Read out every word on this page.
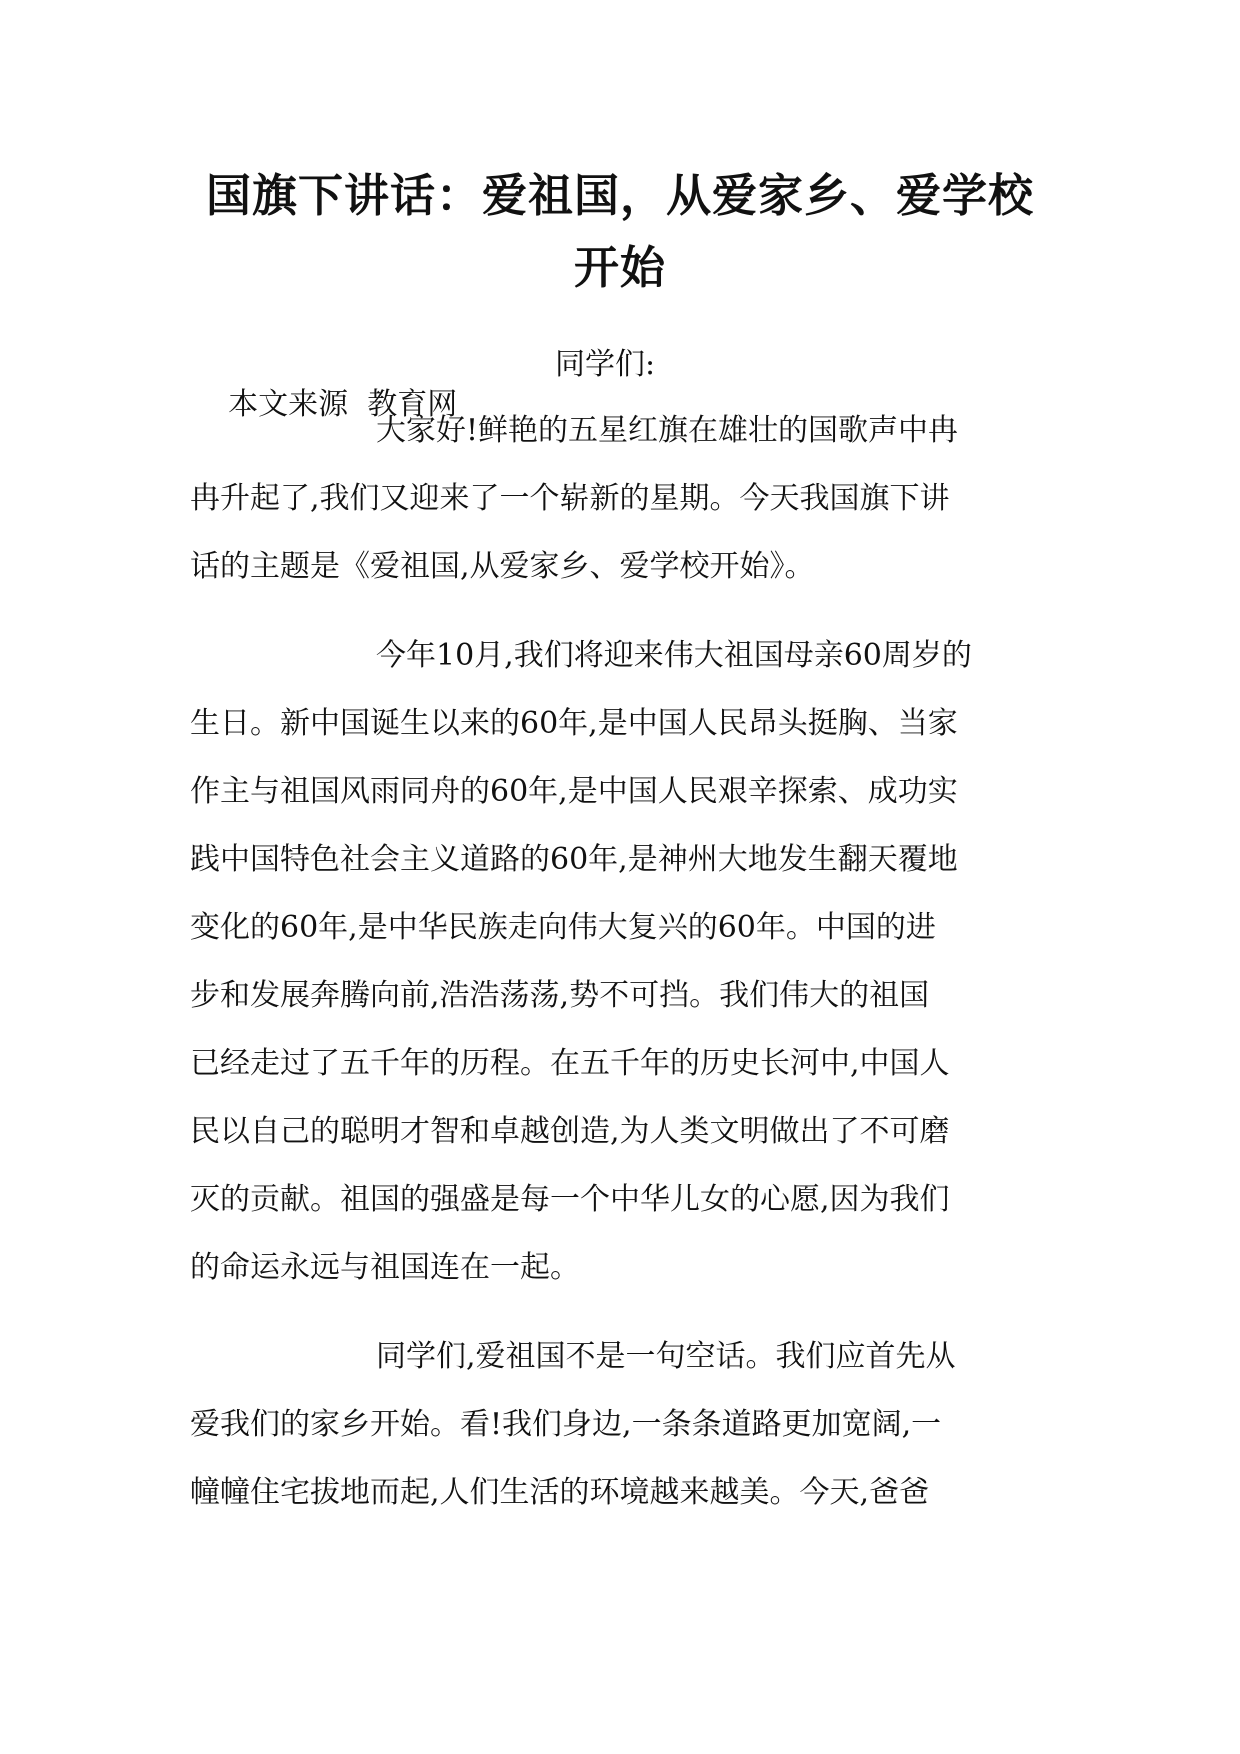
国旗下讲话：爱祖国，从爱家乡、爱学校
开始

本文来源  教育网

同学们:

大家好!鲜艳的五星红旗在雄壮的国歌声中冉
冉升起了,我们又迎来了一个崭新的星期。今天我国旗下讲
话的主题是《爱祖国,从爱家乡、爱学校开始》。
今年10月,我们将迎来伟大祖国母亲60周岁的
生日。新中国诞生以来的60年,是中国人民昂头挺胸、当家
作主与祖国风雨同舟的60年,是中国人民艰辛探索、成功实
践中国特色社会主义道路的60年,是神州大地发生翻天覆地
变化的60年,是中华民族走向伟大复兴的60年。中国的进
步和发展奔腾向前,浩浩荡荡,势不可挡。我们伟大的祖国
已经走过了五千年的历程。在五千年的历史长河中,中国人
民以自己的聪明才智和卓越创造,为人类文明做出了不可磨
灭的贡献。祖国的强盛是每一个中华儿女的心愿,因为我们
的命运永远与祖国连在一起。
同学们,爱祖国不是一句空话。我们应首先从
爱我们的家乡开始。看!我们身边,一条条道路更加宽阔,一
幢幢住宅拔地而起,人们生活的环境越来越美。今天,爸爸
